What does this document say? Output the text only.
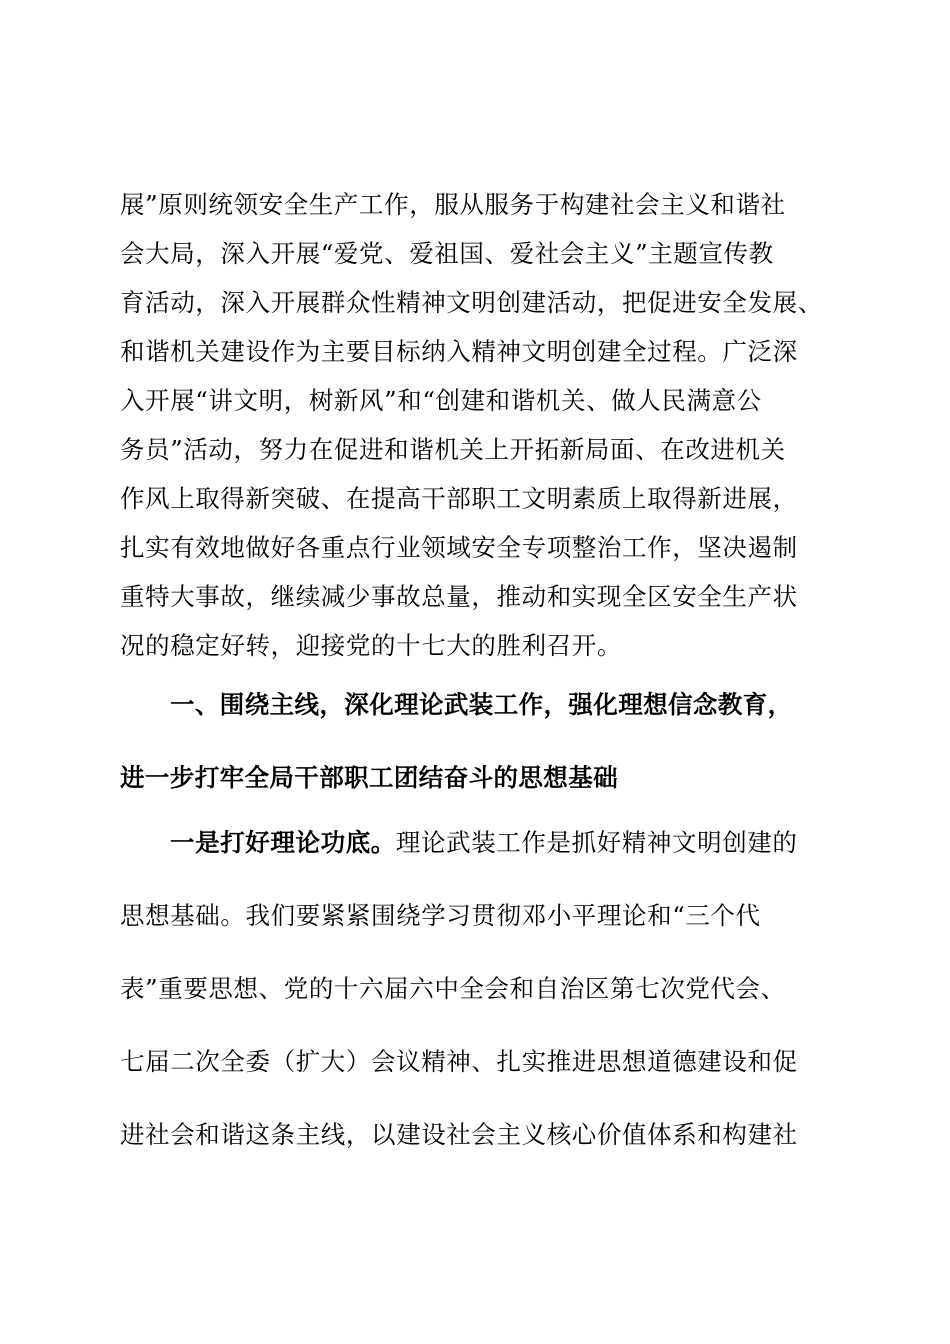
展”原则统领安全生产工作，服从服务于构建社会主义和谐社
会大局，深入开展“爱党、爱祖国、爱社会主义”主题宣传教
育活动，深入开展群众性精神文明创建活动，把促进安全发展、
和谐机关建设作为主要目标纳入精神文明创建全过程。广泛深
入开展“讲文明，树新风”和“创建和谐机关、做人民满意公
务员”活动，努力在促进和谐机关上开拓新局面、在改进机关
作风上取得新突破、在提高干部职工文明素质上取得新进展，
扎实有效地做好各重点行业领域安全专项整治工作，坚决遏制
重特大事故，继续减少事故总量，推动和实现全区安全生产状
况的稳定好转，迎接党的十七大的胜利召开。
一、围绕主线，深化理论武装工作，强化理想信念教育，
进一步打牢全局干部职工团结奋斗的思想基础
一是打好理论功底。理论武装工作是抓好精神文明创建的
思想基础。我们要紧紧围绕学习贯彻邓小平理论和“三个代
表”重要思想、党的十六届六中全会和自治区第七次党代会、
七届二次全委（扩大）会议精神、扎实推进思想道德建设和促
进社会和谐这条主线，以建设社会主义核心价值体系和构建社
